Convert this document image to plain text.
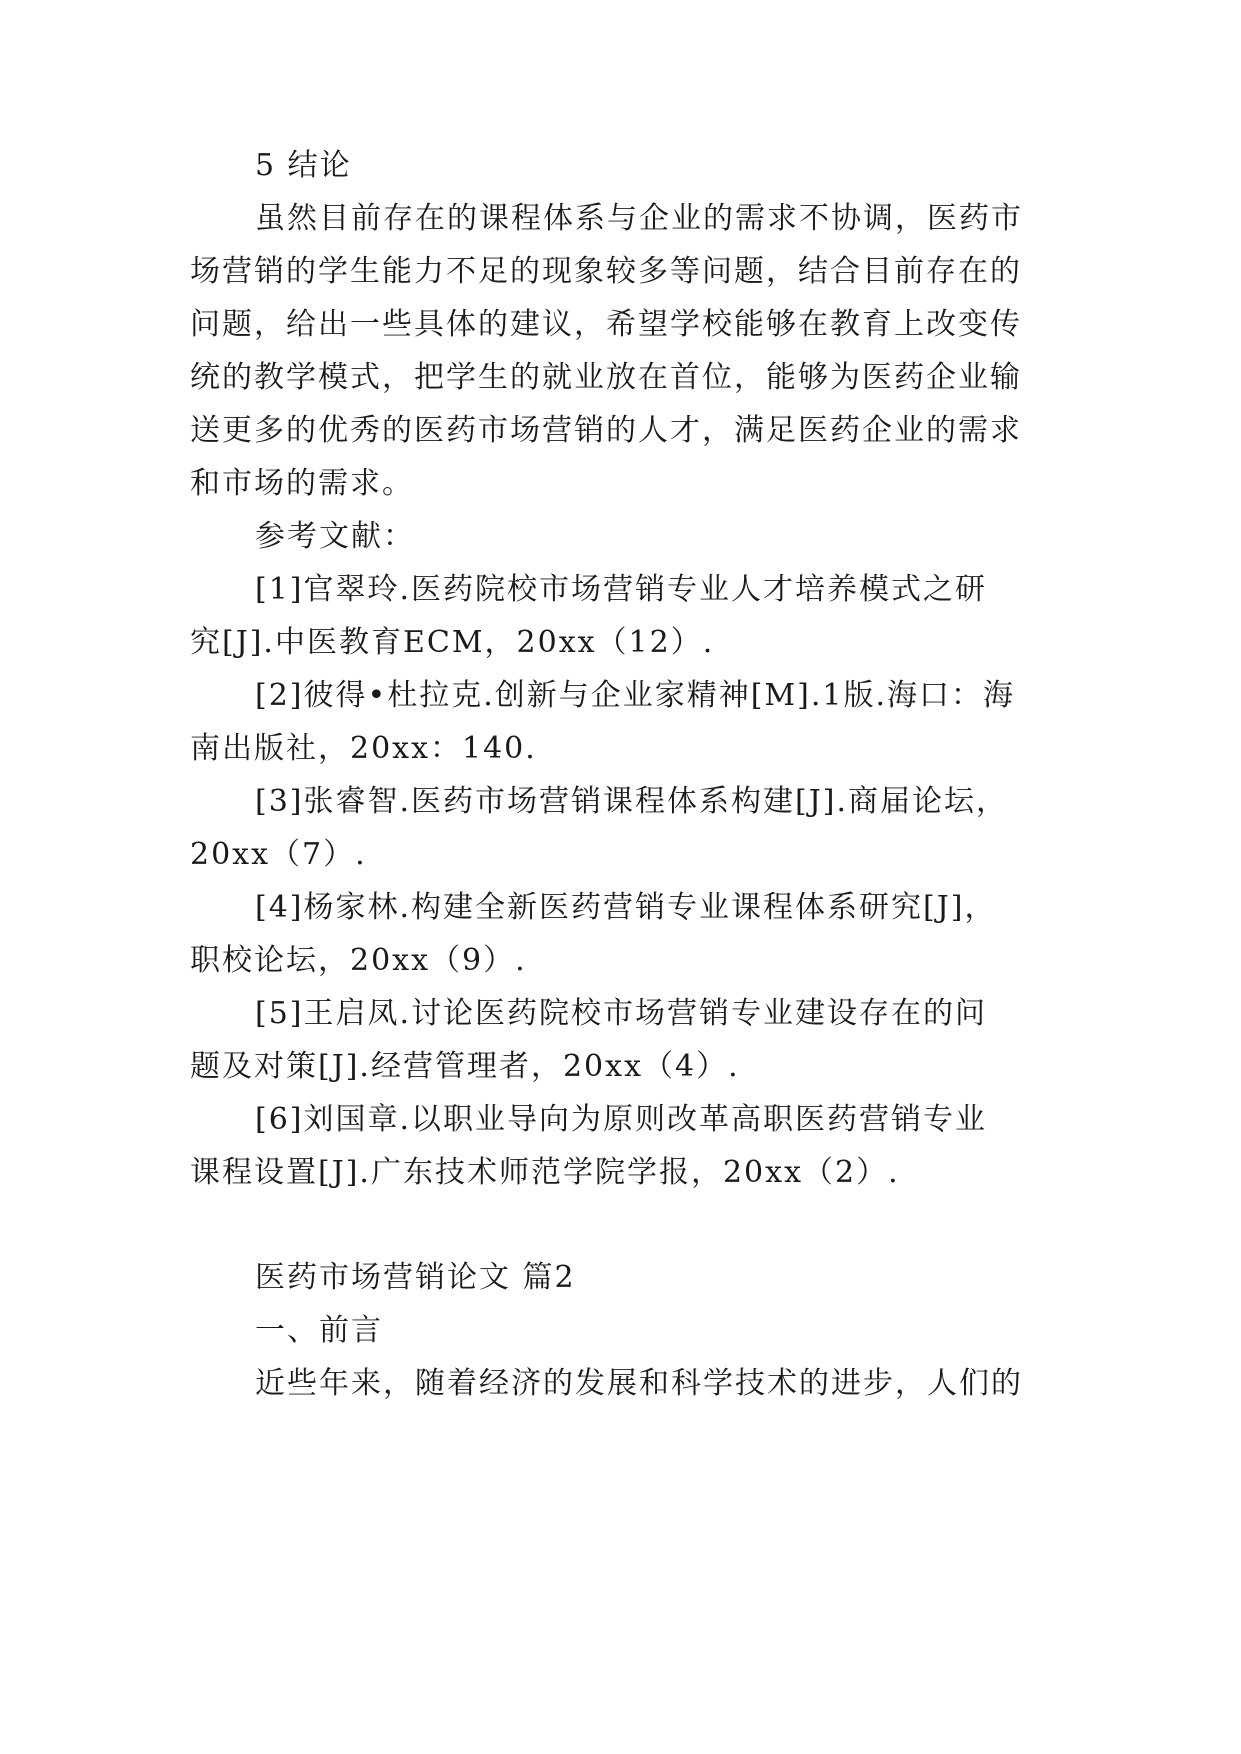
5 结论
虽然目前存在的课程体系与企业的需求不协调，医药市
场营销的学生能力不足的现象较多等问题，结合目前存在的
问题，给出一些具体的建议，希望学校能够在教育上改变传
统的教学模式，把学生的就业放在首位，能够为医药企业输
送更多的优秀的医药市场营销的人才，满足医药企业的需求
和市场的需求。
参考文献：
[1]官翠玲.医药院校市场营销专业人才培养模式之研
究[J].中医教育ECM，20xx（12）.
[2]彼得•杜拉克.创新与企业家精神[M].1版.海口：海
南出版社，20xx：140.
[3]张睿智.医药市场营销课程体系构建[J].商届论坛，
20xx（7）.
[4]杨家林.构建全新医药营销专业课程体系研究[J]，
职校论坛，20xx（9）.
[5]王启凤.讨论医药院校市场营销专业建设存在的问
题及对策[J].经营管理者，20xx（4）.
[6]刘国章.以职业导向为原则改革高职医药营销专业
课程设置[J].广东技术师范学院学报，20xx（2）.
医药市场营销论文 篇2
一、前言
近些年来，随着经济的发展和科学技术的进步，人们的
